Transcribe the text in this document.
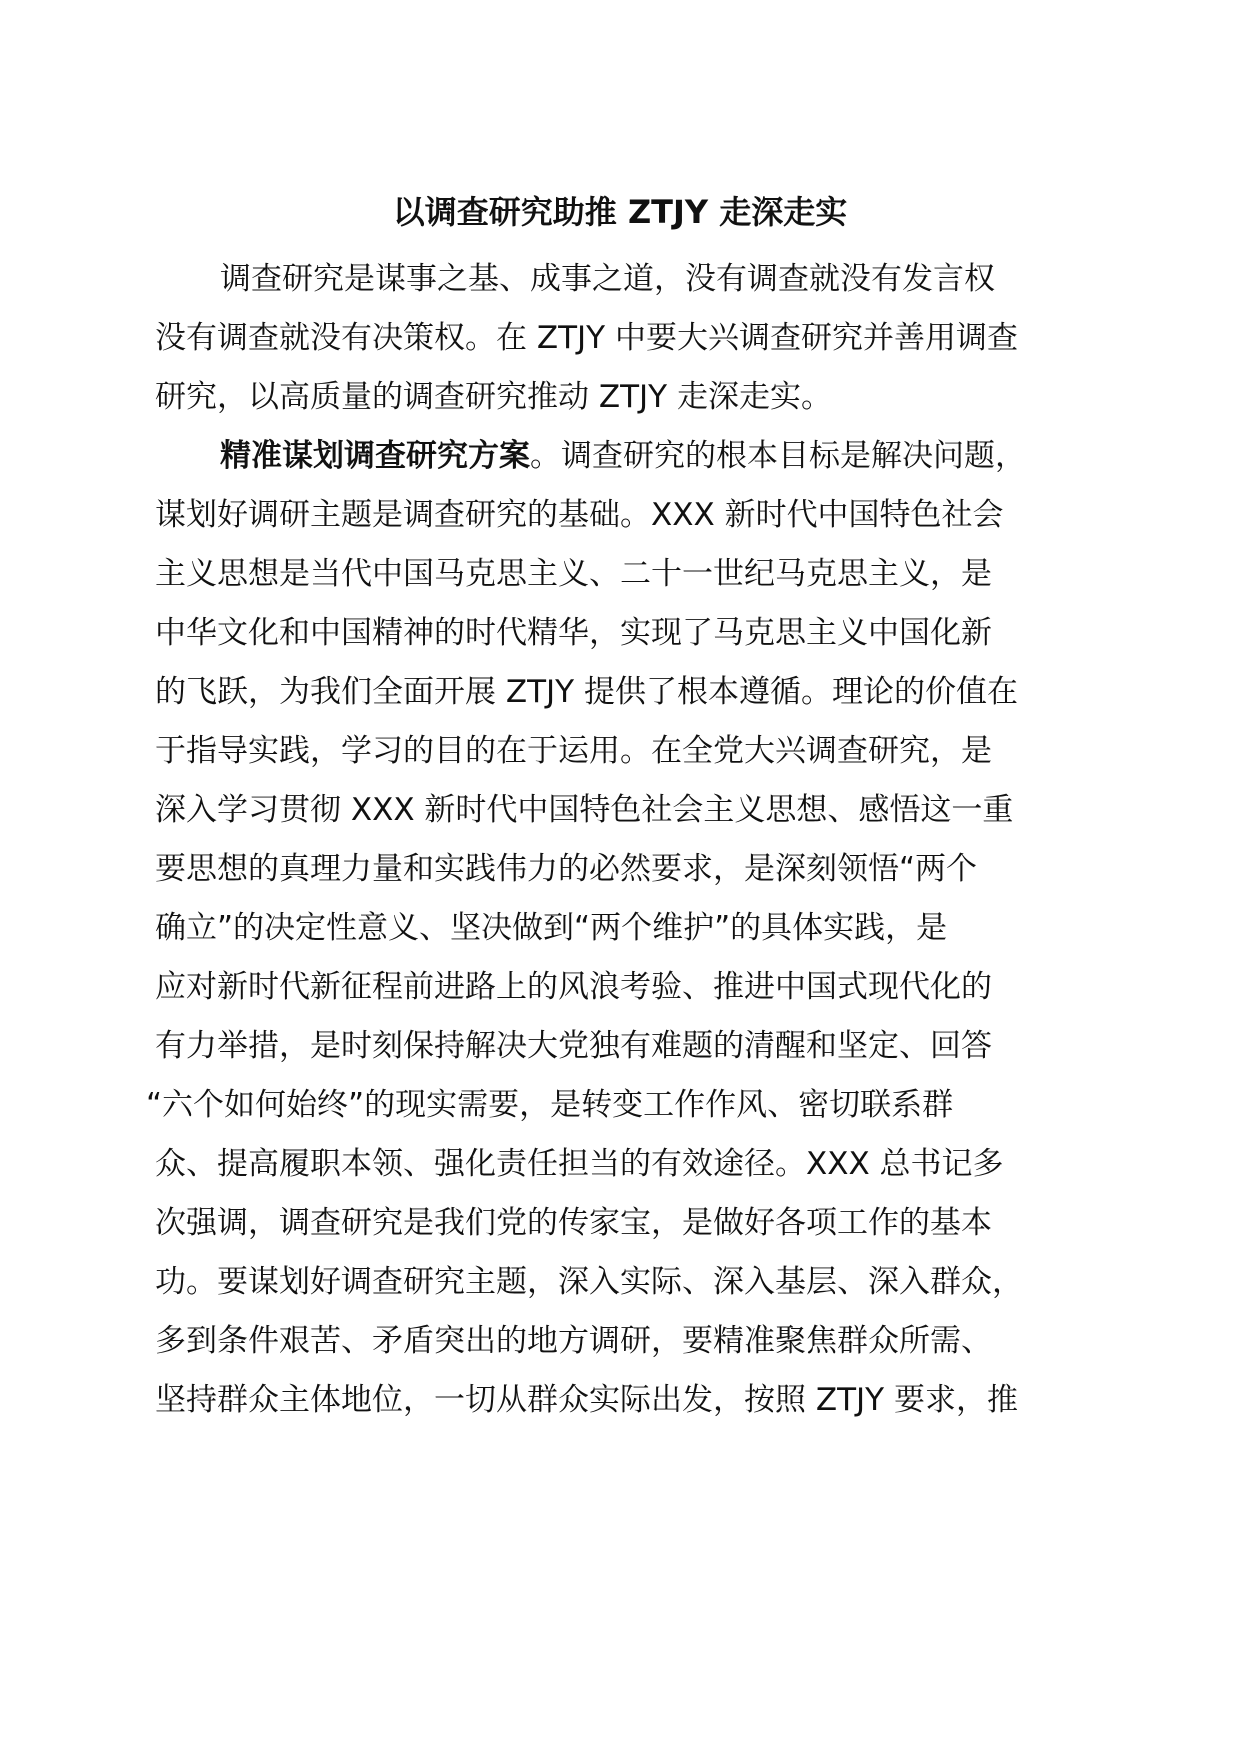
以调查研究助推 ZTJY 走深走实
调查研究是谋事之基、成事之道，没有调查就没有发言权
没有调查就没有决策权。在 ZTJY 中要大兴调查研究并善用调查
研究，以高质量的调查研究推动 ZTJY 走深走实。
精准谋划调查研究方案。调查研究的根本目标是解决问题，
谋划好调研主题是调查研究的基础。XXX 新时代中国特色社会
主义思想是当代中国马克思主义、二十一世纪马克思主义，是
中华文化和中国精神的时代精华，实现了马克思主义中国化新
的飞跃，为我们全面开展 ZTJY 提供了根本遵循。理论的价值在
于指导实践，学习的目的在于运用。在全党大兴调查研究，是
深入学习贯彻 XXX 新时代中国特色社会主义思想、感悟这一重
要思想的真理力量和实践伟力的必然要求，是深刻领悟“两个
确立”的决定性意义、坚决做到“两个维护”的具体实践，是
应对新时代新征程前进路上的风浪考验、推进中国式现代化的
有力举措，是时刻保持解决大党独有难题的清醒和坚定、回答
“六个如何始终”的现实需要，是转变工作作风、密切联系群
众、提高履职本领、强化责任担当的有效途径。XXX 总书记多
次强调，调查研究是我们党的传家宝，是做好各项工作的基本
功。要谋划好调查研究主题，深入实际、深入基层、深入群众，
多到条件艰苦、矛盾突出的地方调研，要精准聚焦群众所需、
坚持群众主体地位，一切从群众实际出发，按照 ZTJY 要求，推
